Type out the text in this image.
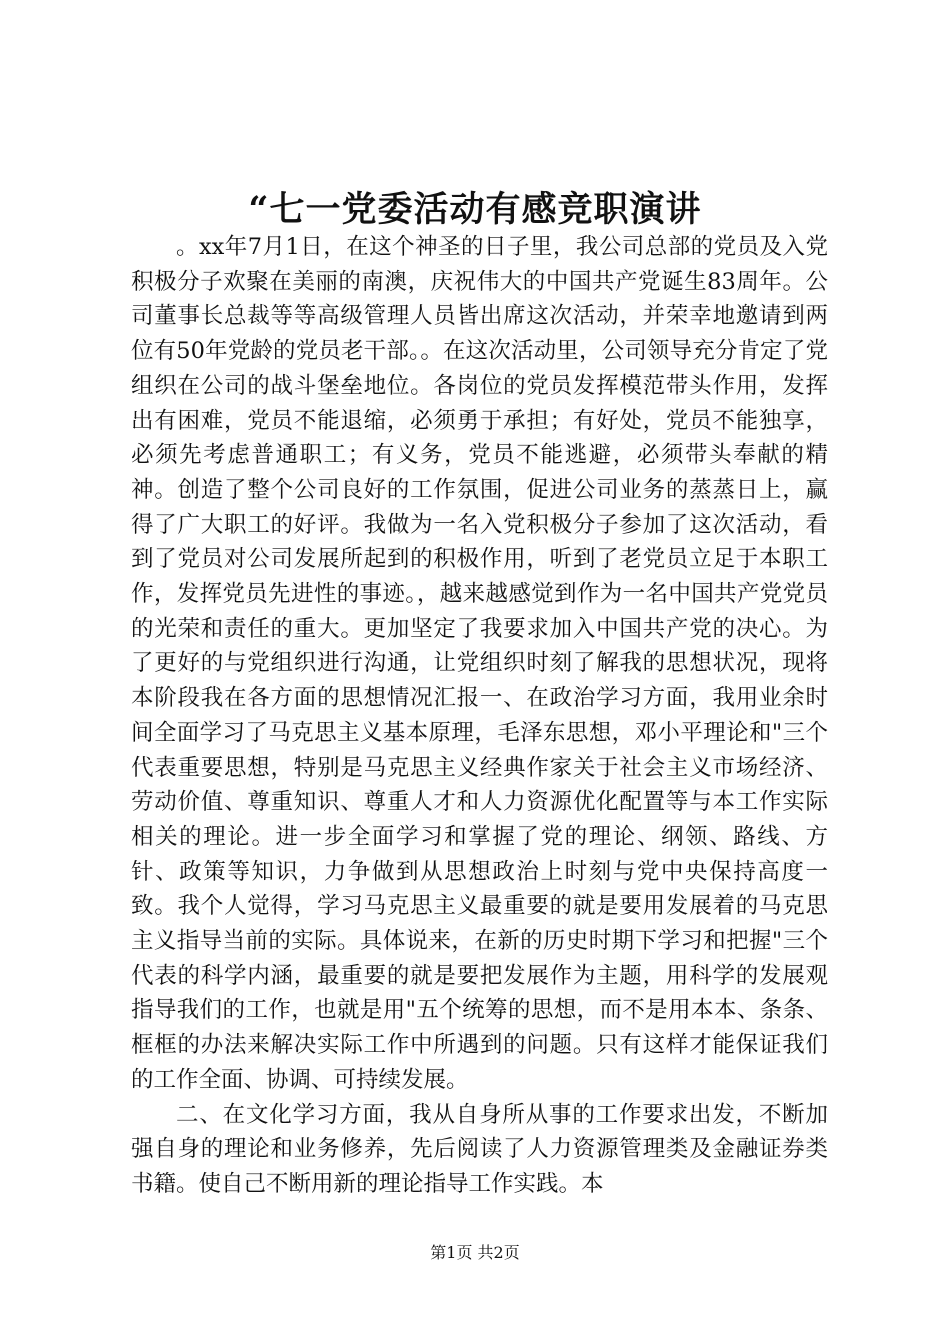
“七一党委活动有感竞职演讲

。xx年7月1日，在这个神圣的日子里，我公司总部的党员及入党积极分子欢聚在美丽的南澳，庆祝伟大的中国共产党诞生83周年。公司董事长总裁等等高级管理人员皆出席这次活动，并荣幸地邀请到两位有50年党龄的党员老干部。。在这次活动里，公司领导充分肯定了党组织在公司的战斗堡垒地位。各岗位的党员发挥模范带头作用，发挥出有困难，党员不能退缩，必须勇于承担；有好处，党员不能独享，必须先考虑普通职工；有义务，党员不能逃避，必须带头奉献的精神。创造了整个公司良好的工作氛围，促进公司业务的蒸蒸日上，赢得了广大职工的好评。我做为一名入党积极分子参加了这次活动，看到了党员对公司发展所起到的积极作用，听到了老党员立足于本职工作，发挥党员先进性的事迹。，越来越感觉到作为一名中国共产党党员的光荣和责任的重大。更加坚定了我要求加入中国共产党的决心。为了更好的与党组织进行沟通，让党组织时刻了解我的思想状况，现将本阶段我在各方面的思想情况汇报一、在政治学习方面，我用业余时间全面学习了马克思主义基本原理，毛泽东思想，邓小平理论和"三个代表重要思想，特别是马克思主义经典作家关于社会主义市场经济、劳动价值、尊重知识、尊重人才和人力资源优化配置等与本工作实际相关的理论。进一步全面学习和掌握了党的理论、纲领、路线、方针、政策等知识，力争做到从思想政治上时刻与党中央保持高度一致。我个人觉得，学习马克思主义最重要的就是要用发展着的马克思主义指导当前的实际。具体说来，在新的历史时期下学习和把握"三个代表的科学内涵，最重要的就是要把发展作为主题，用科学的发展观指导我们的工作，也就是用"五个统筹的思想，而不是用本本、条条、框框的办法来解决实际工作中所遇到的问题。只有这样才能保证我们的工作全面、协调、可持续发展。

二、在文化学习方面，我从自身所从事的工作要求出发，不断加强自身的理论和业务修养，先后阅读了人力资源管理类及金融证券类书籍。使自己不断用新的理论指导工作实践。本

第1页 共2页
